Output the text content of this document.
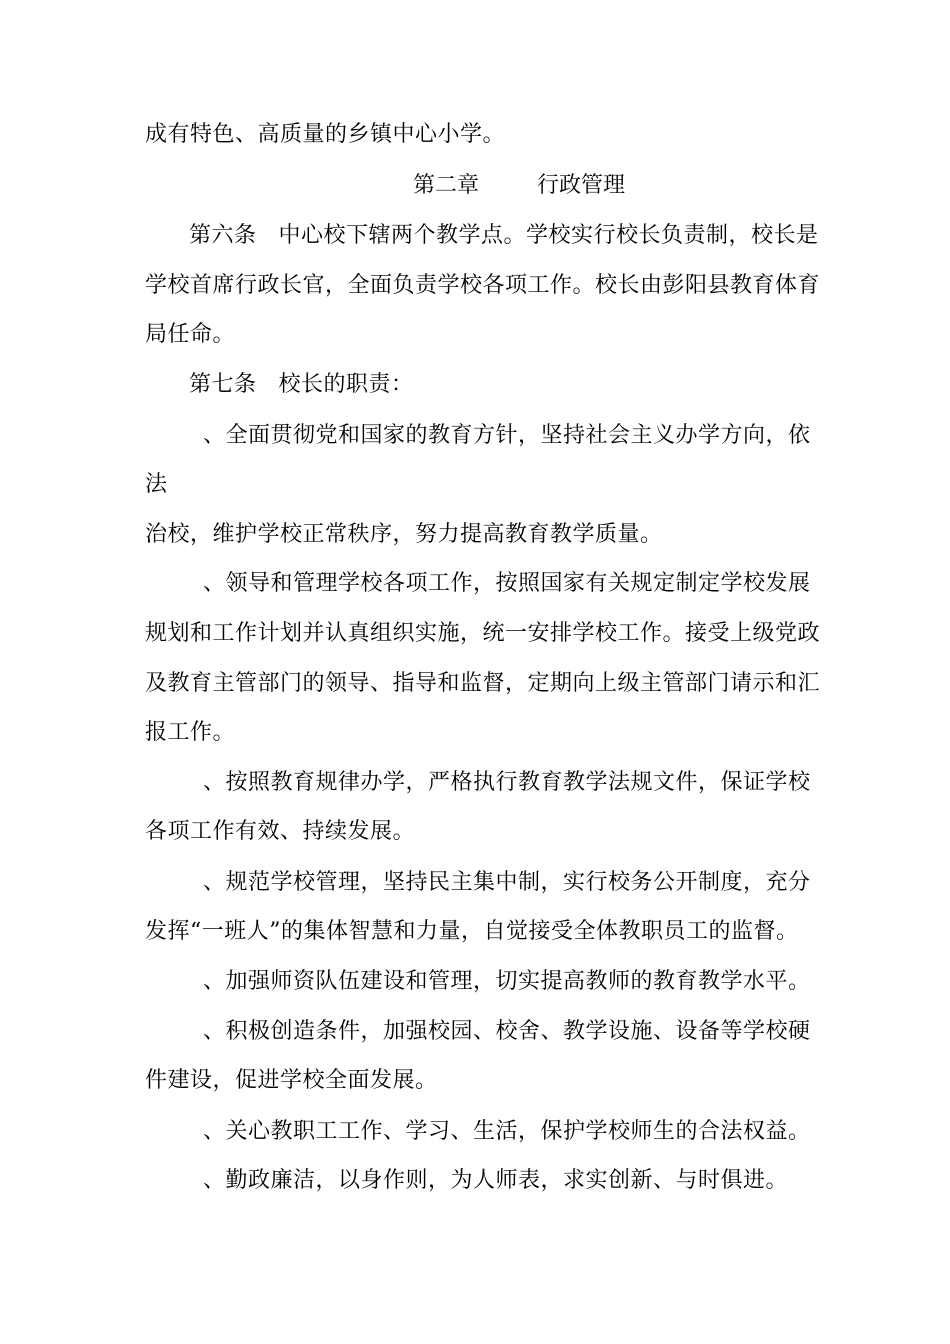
成有特色、高质量的乡镇中心小学。
第二章	行政管理
第六条 中心校下辖两个教学点。学校实行校长负责制，校长是
学校首席行政长官，全面负责学校各项工作。校长由彭阳县教育体育
局任命。
第七条 校长的职责：
、全面贯彻党和国家的教育方针，坚持社会主义办学方向，依
法
治校，维护学校正常秩序，努力提高教育教学质量。
、领导和管理学校各项工作，按照国家有关规定制定学校发展
规划和工作计划并认真组织实施，统一安排学校工作。接受上级党政
及教育主管部门的领导、指导和监督，定期向上级主管部门请示和汇
报工作。
、按照教育规律办学，严格执行教育教学法规文件，保证学校
各项工作有效、持续发展。
、规范学校管理，坚持民主集中制，实行校务公开制度，充分
发挥“一班人”的集体智慧和力量，自觉接受全体教职员工的监督。
、加强师资队伍建设和管理，切实提高教师的教育教学水平。
、积极创造条件，加强校园、校舍、教学设施、设备等学校硬
件建设，促进学校全面发展。
、关心教职工工作、学习、生活，保护学校师生的合法权益。
、勤政廉洁，以身作则，为人师表，求实创新、与时俱进。
